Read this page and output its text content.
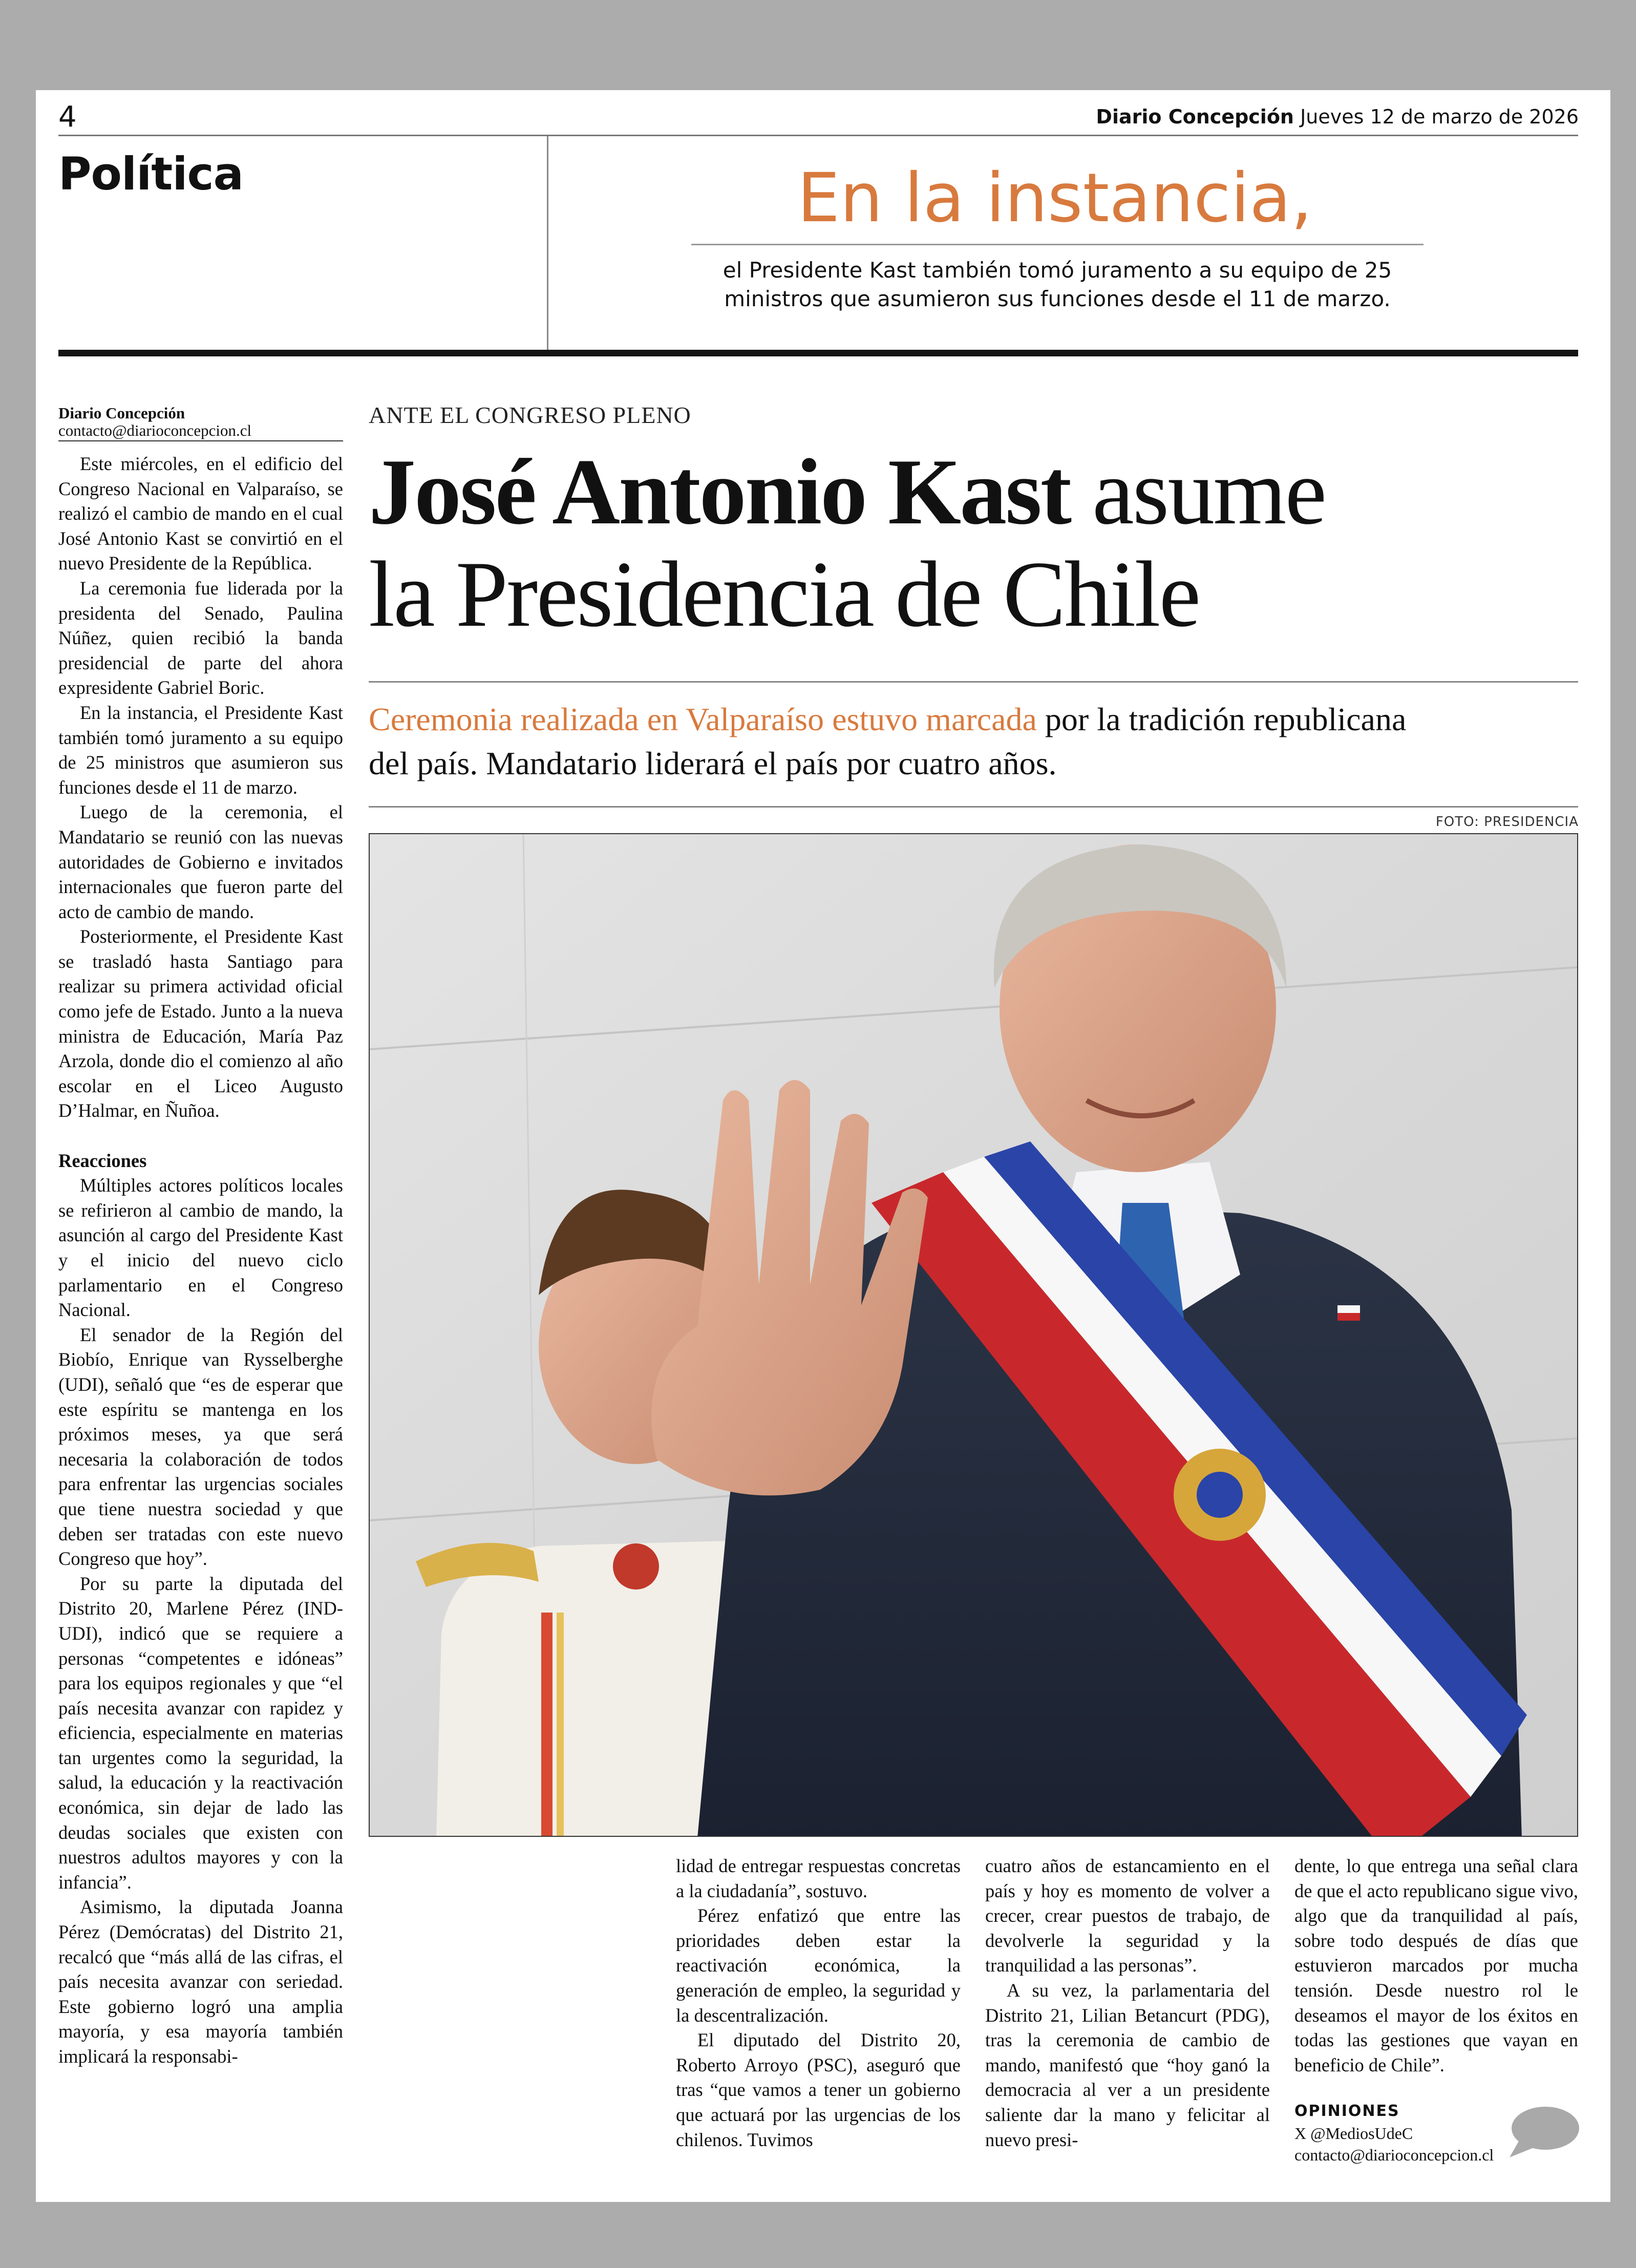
4	Diario Concepción Jueves 12 de marzo de 2026
Política	En la instancia,
el Presidente Kast también tomó juramento a su equipo de 25
ministros que asumieron sus funciones desde el 11 de marzo.
Diario Concepción
contacto@diarioconcepcion.cl

Este miércoles, en el edificio del Congreso Nacional en Valparaíso, se realizó el cambio de mando en el cual José Antonio Kast se convirtió en el nuevo Presidente de la República.

La ceremonia fue liderada por la presidenta del Senado, Paulina Núñez, quien recibió la banda presidencial de parte del ahora expresidente Gabriel Boric.

En la instancia, el Presidente Kast también tomó juramento a su equipo de 25 ministros que asumieron sus funciones desde el 11 de marzo.

Luego de la ceremonia, el Mandatario se reunió con las nuevas autoridades de Gobierno e invitados internacionales que fueron parte del acto de cambio de mando.

Posteriormente, el Presidente Kast se trasladó hasta Santiago para realizar su primera actividad oficial como jefe de Estado. Junto a la nueva ministra de Educación, María Paz Arzola, donde dio el comienzo al año escolar en el Liceo Augusto D’Halmar, en Ñuñoa.

Reacciones

Múltiples actores políticos locales se refirieron al cambio de mando, la asunción al cargo del Presidente Kast y el inicio del nuevo ciclo parlamentario en el Congreso Nacional.

El senador de la Región del Biobío, Enrique van Rysselberghe (UDI), señaló que “es de esperar que este espíritu se mantenga en los próximos meses, ya que será necesaria la colaboración de todos para enfrentar las urgencias sociales que tiene nuestra sociedad y que deben ser tratadas con este nuevo Congreso que hoy”.

Por su parte la diputada del Distrito 20, Marlene Pérez (IND-UDI), indicó que se requiere a personas “competentes e idóneas” para los equipos regionales y que “el país necesita avanzar con rapidez y eficiencia, especialmente en materias tan urgentes como la seguridad, la salud, la educación y la reactivación económica, sin dejar de lado las deudas sociales que existen con nuestros adultos mayores y con la infancia”.

Asimismo, la diputada Joanna Pérez (Demócratas) del Distrito 21, recalcó que “más allá de las cifras, el país necesita avanzar con seriedad. Este gobierno logró una amplia mayoría, y esa mayoría también implicará la responsabi-

ANTE EL CONGRESO PLENO
José Antonio Kast asume
la Presidencia de Chile
Ceremonia realizada en Valparaíso estuvo marcada por la tradición republicana
del país. Mandatario liderará el país por cuatro años.
FOTO: PRESIDENCIA

lidad de entregar respuestas concretas a la ciudadanía”, sostuvo.

Pérez enfatizó que entre las prioridades deben estar la reactivación económica, la generación de empleo, la seguridad y la descentralización.

El diputado del Distrito 20, Roberto Arroyo (PSC), aseguró que tras “que vamos a tener un gobierno que actuará por las urgencias de los chilenos. Tuvimos

cuatro años de estancamiento en el país y hoy es momento de volver a crecer, crear puestos de trabajo, de devolverle la seguridad y la tranquilidad a las personas”.

A su vez, la parlamentaria del Distrito 21, Lilian Betancurt (PDG), tras la ceremonia de cambio de mando, manifestó que “hoy ganó la democracia al ver a un presidente saliente dar la mano y felicitar al nuevo presi-

dente, lo que entrega una señal clara de que el acto republicano sigue vivo, algo que da tranquilidad al país, sobre todo después de días que estuvieron marcados por mucha tensión. Desde nuestro rol le deseamos el mayor de los éxitos en todas las gestiones que vayan en beneficio de Chile”.

OPINIONES
X @MediosUdeC
contacto@diarioconcepcion.cl
